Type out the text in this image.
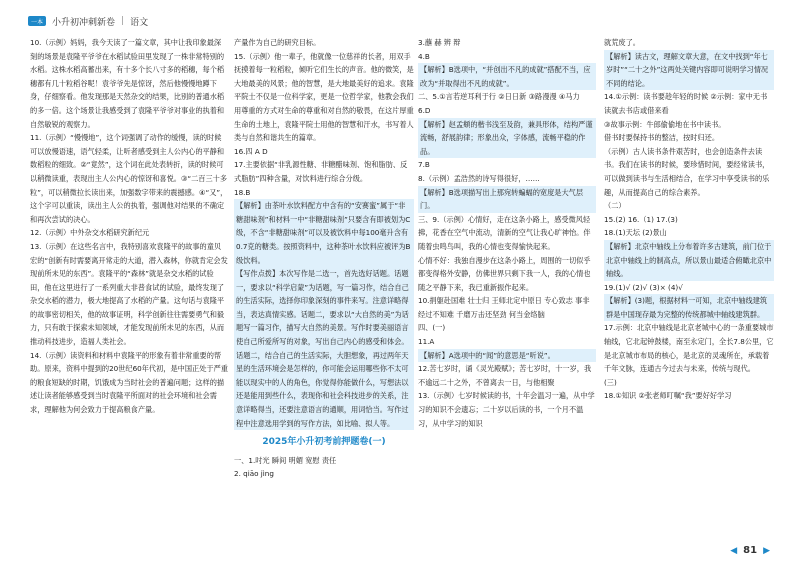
一本	小升初冲刺新卷 | 语文

10.（示例）妈妈，我今天读了一篇文章，其中让我印象最深刻的场景是袁隆平爷爷在水稻试验田里发现了一株非常特别的水稻。这株水稻高蓄出来，有十多个长八寸多的稻穗，每个稻穗都有几十粒稻谷呢！袁爷爷先是惊讶，然后他慢慢地蹲下身，仔细察看。他发现那是天然杂交的结果，比别的普通水稻的多一倍。这个场景让我感受到了袁隆平爷爷对事业的执着和自然敏锐的观察力。

11.（示例）“慢慢地”，这个词强调了动作的缓慢，读的时候可以放慢语速，语气轻柔，让听者感受到主人公内心的平静和数稻粒的细致。②“竟然”，这个词在此处表转折，读的时候可以稍微读重，表现出主人公内心的惊讶和喜悦。③“二百三十多粒”，可以稍微拉长读出来，加强数字带来的震撼感。④“又”，这个字可以重读，读出主人公的执着，强调他对结果的不确定和再次尝试的决心。

12.（示例）中外杂交水稻研究新纪元

13.（示例）在这些名言中，我特别喜欢袁隆平的故事的童贝宏的“创新有时需要离开常走的大道，潜入森林，你就肯定会发现前所未见的东西”。袁隆平的“森林”就是杂交水稻的试验田，他在这里进行了一系列重大非普食试的试验，最终发现了杂交水稻的潜力，极大地提高了水稻的产量。这句话与袁隆平的故事密切相关，他的故事证明，科学创新往往需要勇气和毅力，只有敢于探索未知领域，才能发现前所未见的东西，从而推动科技进步，造福人类社会。

14.（示例）读资料和材料中袁隆平的形象有着非常重要的帮助。原来，资料中提到的20世纪60年代初，是中国正处于严重的粮食短缺的时期，饥饿成为当时社会的普遍问题；这样的描述让读者能够感受到当时袁隆平所面对的社会环境和社会需求，理解他为何会致力于提高粮食产量。

产量作为自己的研究目标。

15.（示例）他一辈子，他就像一位慈祥的长者，用双手抚摸着每一粒稻粒，倾听它们生长的声音。他的微笑，是大地最美的风景；他的智慧，是大地最美好的追求。袁隆平院士不仅是一位科学家，更是一位哲学家，他教会我们用尊重的方式对生命的尊重和对自然的敬畏，在这片厚重生命的土地上，袁隆平院士用他的智慧和汗水，书写着人类与自然和谐共生的篇章。

16.四 A D

17.主要依据“非乳源性糖、非糖醋味剂、饱和脂肪、反式脂肪”四种含量，对饮料进行综合分级。

18.B

【解析】由茶叶水饮料配方中含有的“安赛蜜”属于“非糖甜味剂”和材料一中“非糖甜味剂”只要含有即被划为C级，不含“非糖甜味剂”可以及被饮料中每100毫升含有0.7克的糖类。按照资料中，这种茶叶水饮料应被评为B级饮料。
【写作点拨】本次写作是二选一，首先选好话题。话题一，要求以“科学启蒙”为话题，写一篇习作，结合自己的生活实际，选择你印象深刻的事件来写。注意详略得当，表达真情实感。话题二，要求以“大自然的美”为话题写一篇习作，描写大自然的美景。写作时要美丽语言使自己所爱所写的对象，写出自己内心的感受和体会。
话题二，结合自己的生活实际，大胆想象，再过两年天星的生活环境会是怎样的，你可能会运用哪些你不太可能以现实中的人的角色，你觉得你能做什么，写想法以还是能用到些什么，表现你和社会科技进步的关系，注意详略得当，还要注意语言的通顺，用词恰当。写作过程中注意选用学到的写作方法，如比喻、拟人等。
2025年小升初考前押题卷(一)

一、1.吋光 瞬间 明媚 宽慰 责任

2. qiāo jìng

3.蘸 赫 辨 辩

4.B

【解析】B选项中，“并创出不凡的成就”搭配不当，应改为“并取得出不凡的成就”。

二、5.①言若逆耳利于行 ②日日新 ③路漫漫 ④马力

6.D

【解析】赵孟頫的楷书浅至及韵，兼具形体，结构严谨流畅，舒展韵律；形象出众，字体感，流畅平稳的作品。

7.B

8.（示例）孟浩然的诗写得很好，……

【解析】B选项描写出上那宛转蝙蝠的宽度是大气层门。

三、9.（示例）心情好，走在这条小路上，感受微风轻拂，花香在空气中流动，清新的空气让我心旷神怡。伴随着虫鸣鸟叫，我的心情也变得愉快起来。

心情不好：我独自漫步在这条小路上，周围的一切似乎都变得格外安静，仿佛世界只剩下我一人，我的心情也随之平静下来，我已重新振作起来。

10.捐躯赴国难 壮士归 王师北定中原日 专心致志 事非经过不知难 千磨万击还坚劲 何当金络脑

四、(一)

11.A

【解析】A选项中的“闻”的意思是“听说”。

12.苦七岁时，诵《灵光殿赋》；苦七岁时，十一岁，我不逾远二十之外，不曾离去一日，与他相聚

13.（示例）七岁时候读的书，十年会温习一遍，从中学习的知识不会遗忘；二十岁以后读的书，一个月不温习，从中学习的知识

就荒废了。

【解析】读古文，理解文章大意，在文中找到“年七岁时”“二十之外”这两处关键内容即可说明学习情况不同的结论。

14.①示例：读书要趁年轻的时候 ②示例：家中无书读就去书店或借来看

③故事示例：牛郎偷偷地在书中读书。

借书时要保持书的整洁，按时归还。

（示例）古人读书条件艰苦时，也会创造条件去读书。我们在读书的时候，要珍惜时间，要经常读书，可以做到读书与生活相结合，在学习中享受读书的乐趣，从而提高自己的综合素养。

（二）

15.(2) 16.（1) 17.(3)

18.(1)天坛 (2)景山

【解析】北京中轴线上分布着许多古建筑，前门位于北京中轴线上的制高点，所以景山最适合俯瞰北京中轴线。

19.(1)√ (2)√ (3)× (4)√

【解析】(3)题，根据材料一可知，北京中轴线建筑群是中国现存最为完整的传统都城中轴线建筑群。

17.示例：北京中轴线是北京老城中心的一条重要城市轴线，它北起钟鼓楼，南至永定门，全长7.8公里，它是北京城市布局的核心，是北京的灵魂所在，承载着千年文脉，连通古今过去与未来，传统与现代。

(三)

18.①知识 ②张老师叮嘱“我”要好好学习

◀ 81 ▶
